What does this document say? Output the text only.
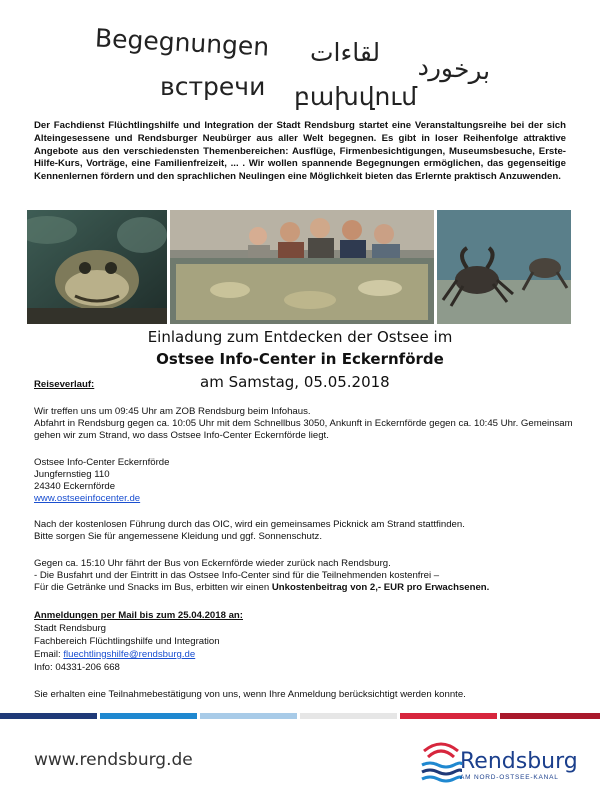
Begegnungen لقاءات برخورد
встречи բախվում
Der Fachdienst Flüchtlingshilfe und Integration der Stadt Rendsburg startet eine Veranstaltungsreihe bei der sich Alteingesessene und Rendsburger Neubürger aus aller Welt begegnen. Es gibt in loser Reihenfolge attraktive Angebote aus den verschiedensten Themenbereichen: Ausflüge, Firmenbesichtigungen, Museumsbesuche, Erste-Hilfe-Kurs, Vorträge, eine Familienfreizeit, ... . Wir wollen spannende Begegnungen ermöglichen, das gegenseitige Kennenlernen fördern und den sprachlichen Neulingen eine Möglichkeit bieten das Erlernte praktisch Anzuwenden.
Einladung zum Entdecken der Ostsee im
Ostsee Info-Center in Eckernförde
am Samstag, 05.05.2018
Reiseverlauf:
Wir treffen uns um 09:45 Uhr am ZOB Rendsburg beim Infohaus.
Abfahrt in Rendsburg gegen ca. 10:05 Uhr mit dem Schnellbus 3050, Ankunft in Eckernförde gegen ca. 10:45 Uhr. Gemeinsam gehen wir zum Strand, wo dass Ostsee Info-Center Eckernförde liegt.
Ostsee Info-Center Eckernförde
Jungfernstieg 110
24340 Eckernförde
www.ostseeinfocenter.de
Nach der kostenlosen Führung durch das OIC, wird ein gemeinsames Picknick am Strand stattfinden.
Bitte sorgen Sie für angemessene Kleidung und ggf. Sonnenschutz.
Gegen ca. 15:10 Uhr fährt der Bus von Eckernförde wieder zurück nach Rendsburg.
- Die Busfahrt und der Eintritt in das Ostsee Info-Center sind für die Teilnehmenden kostenfrei –
Für die Getränke und Snacks im Bus, erbitten wir einen Unkostenbeitrag von 2,- EUR pro Erwachsenen.
Anmeldungen per Mail bis zum 25.04.2018 an:
Stadt Rendsburg
Fachbereich Flüchtlingshilfe und Integration
Email: fluechtlingshilfe@rendsburg.de
Info: 04331-206 668
Sie erhalten eine Teilnahmebestätigung von uns, wenn Ihre Anmeldung berücksichtigt werden konnte.
www.rendsburg.de	Rendsburg
AM NORD-OSTSEE-KANAL
